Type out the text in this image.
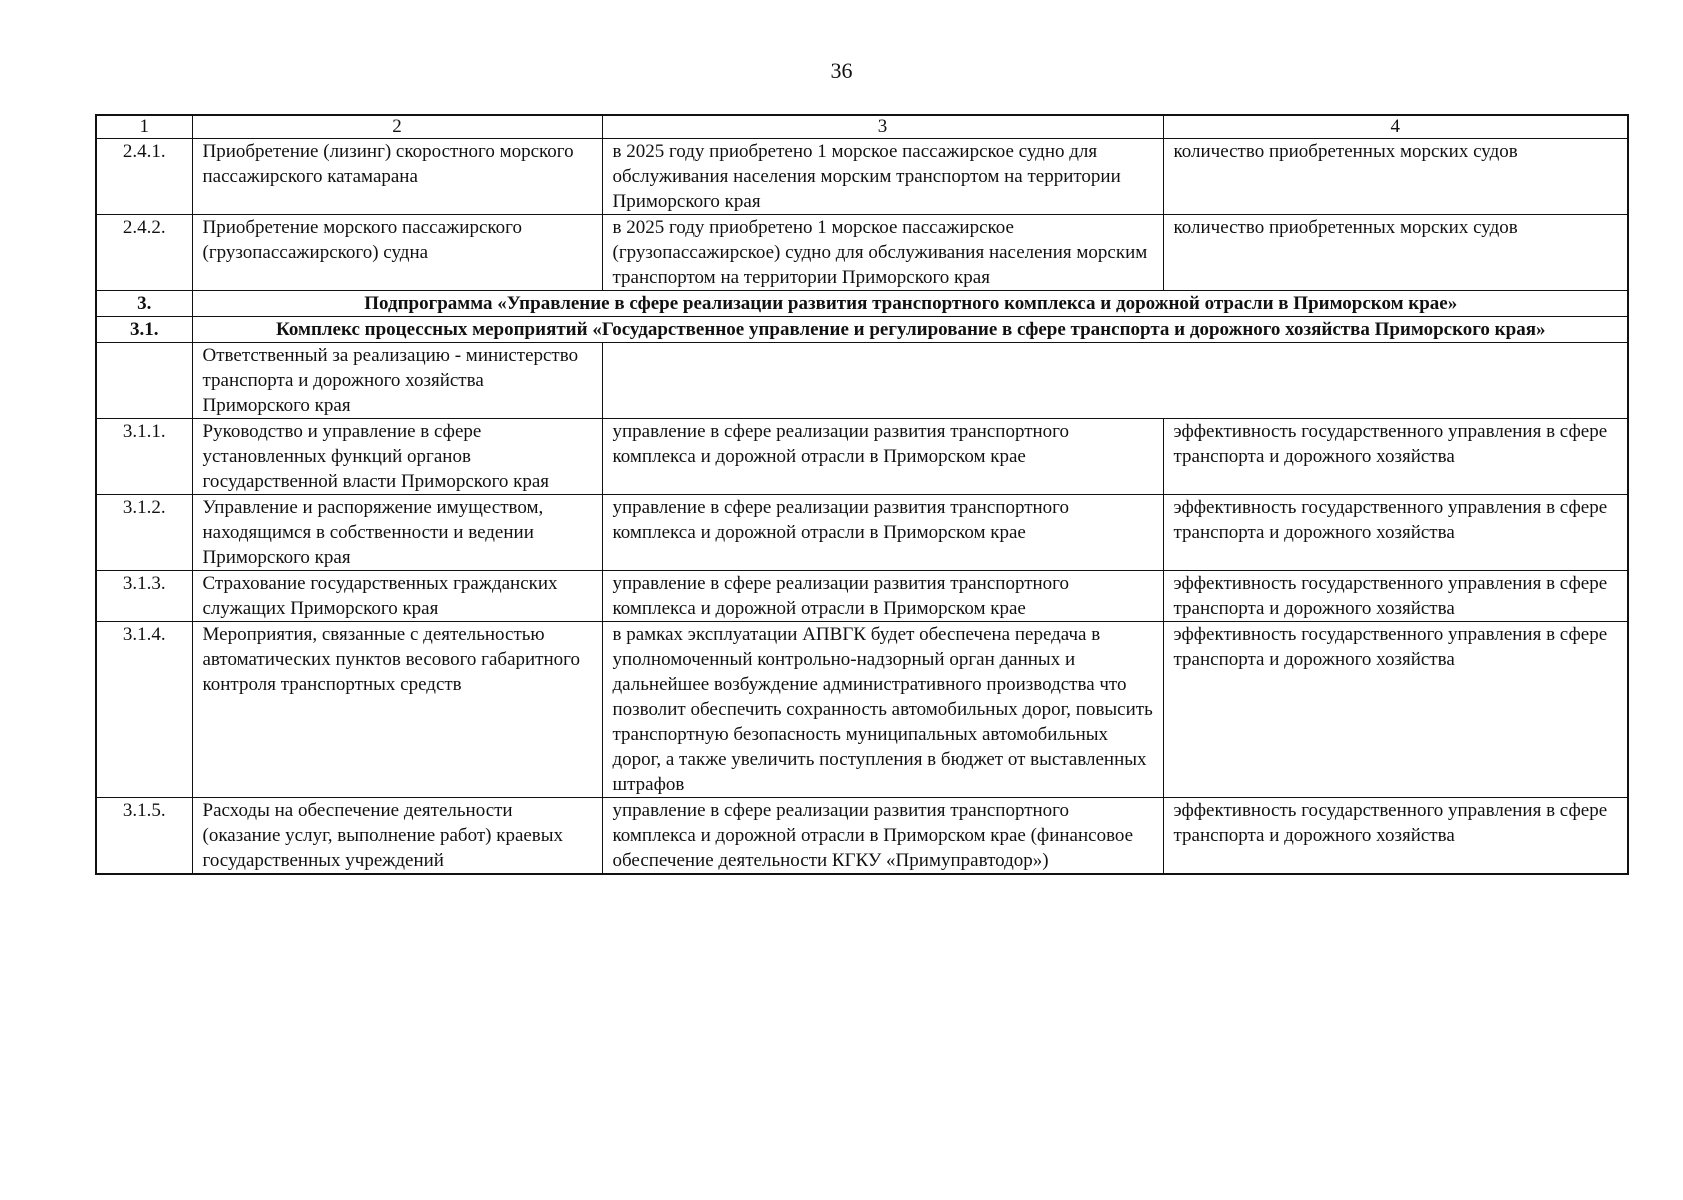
36
1	2	3	4
2.4.1.	Приобретение (лизинг) скоростного морского пассажирского катамарана	в 2025 году приобретено 1 морское пассажирское судно для обслуживания населения морским транспортом на территории Приморского края	количество приобретенных морских судов
2.4.2.	Приобретение морского пассажирского (грузопассажирского) судна	в 2025 году приобретено 1 морское пассажирское (грузопассажирское) судно для обслуживания населения морским транспортом на территории Приморского края	количество приобретенных морских судов
3.	Подпрограмма «Управление в сфере реализации развития транспортного комплекса и дорожной отрасли в Приморском крае»		
3.1.	Комплекс процессных мероприятий «Государственное управление и регулирование в сфере транспорта и дорожного хозяйства Приморского края»		
	Ответственный за реализацию - министерство транспорта и дорожного хозяйства Приморского края		
3.1.1.	Руководство и управление в сфере установленных функций органов государственной власти Приморского края	управление в сфере реализации развития транспортного комплекса и дорожной отрасли в Приморском крае	эффективность государственного управления в сфере транспорта и дорожного хозяйства
3.1.2.	Управление и распоряжение имуществом, находящимся в собственности и ведении Приморского края	управление в сфере реализации развития транспортного комплекса и дорожной отрасли в Приморском крае	эффективность государственного управления в сфере транспорта и дорожного хозяйства
3.1.3.	Страхование государственных гражданских служащих Приморского края	управление в сфере реализации развития транспортного комплекса и дорожной отрасли в Приморском крае	эффективность государственного управления в сфере транспорта и дорожного хозяйства
3.1.4.	Мероприятия, связанные с деятельностью автоматических пунктов весового габаритного контроля транспортных средств	в рамках эксплуатации АПВГК будет обеспечена передача в уполномоченный контрольно-надзорный орган данных и дальнейшее возбуждение административного производства что позволит обеспечить сохранность автомобильных дорог, повысить транспортную безопасность муниципальных автомобильных дорог, а также увеличить поступления в бюджет от выставленных штрафов	эффективность государственного управления в сфере транспорта и дорожного хозяйства
3.1.5.	Расходы на обеспечение деятельности (оказание услуг, выполнение работ) краевых государственных учреждений	управление в сфере реализации развития транспортного комплекса и дорожной отрасли в Приморском крае (финансовое обеспечение деятельности КГКУ «Примуправтодор»)	эффективность государственного управления в сфере транспорта и дорожного хозяйства
